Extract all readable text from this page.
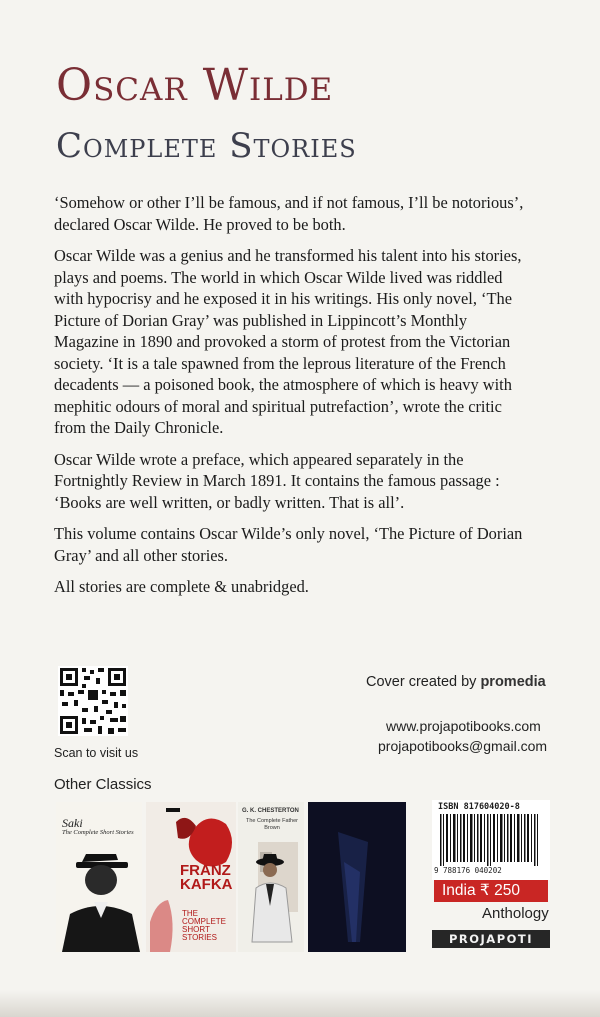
Oscar Wilde
Complete Stories

‘Somehow or other I’ll be famous, and if not famous, I’ll be notorious’, declared Oscar Wilde. He proved to be both.

Oscar Wilde was a genius and he transformed his talent into his stories, plays and poems. The world in which Oscar Wilde lived was riddled with hypocrisy and he exposed it in his writings. His only novel, ‘The Picture of Dorian Gray’ was published in Lippincott’s Monthly Magazine in 1890 and provoked a storm of protest from the Victorian society. ‘It is a tale spawned from the leprous literature of the French decadents — a poisoned book, the atmosphere of which is heavy with mephitic odours of moral and spiritual putrefaction’, wrote the critic from the Daily Chronicle.

Oscar Wilde wrote a preface, which appeared separately in the Fortnightly Review in March 1891. It contains the famous passage : ‘Books are well written, or badly written. That is all’.

This volume contains Oscar Wilde’s only novel, ‘The Picture of Dorian Gray’ and all other stories.

All stories are complete & unabridged.

Scan to visit us
Cover created by promedia
www.projapotibooks.com
projapotibooks@gmail.com
Other Classics
Saki
The Complete Short Stories
FRANZ KAFKA
THE COMPLETE SHORT STORIES
G. K. CHESTERTON
The Complete Father Brown
ISBN 817604020-8
9 788176 040202
India ₹ 250
Anthology
PROJAPOTI
